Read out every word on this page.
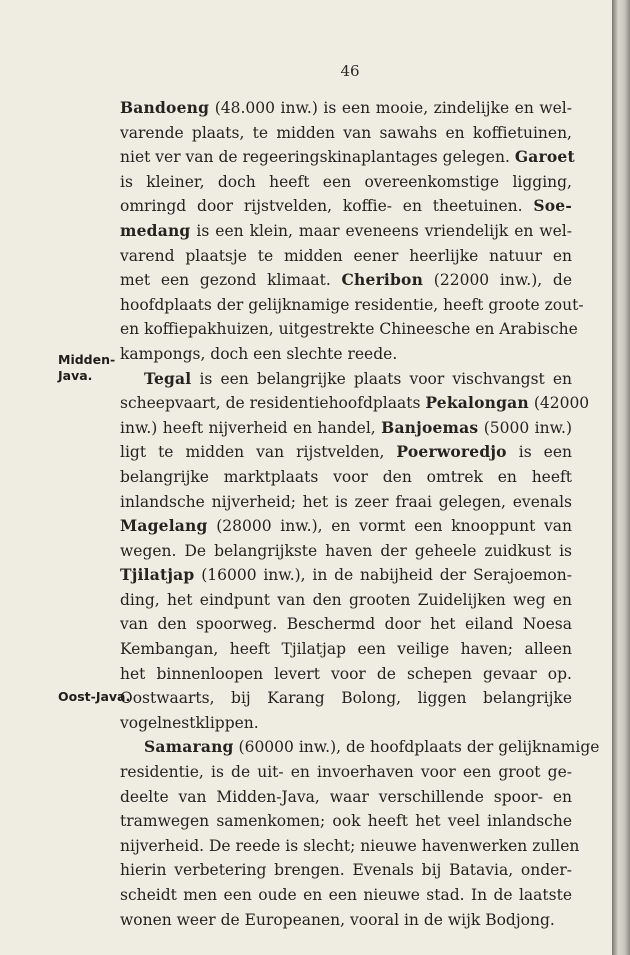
46
Midden-
Java.
Oost-Java.
Bandoeng (48.000 inw.) is een mooie, zindelijke en wel-
varende plaats, te midden van sawahs en koffietuinen,
niet ver van de regeeringskinaplantages gelegen. Garoet
is kleiner, doch heeft een overeenkomstige ligging,
omringd door rijstvelden, koffie- en theetuinen. Soe-
medang is een klein, maar eveneens vriendelijk en wel-
varend plaatsje te midden eener heerlijke natuur en
met een gezond klimaat. Cheribon (22000 inw.), de
hoofdplaats der gelijknamige residentie, heeft groote zout-
en koffiepakhuizen, uitgestrekte Chineesche en Arabische
kampongs, doch een slechte reede.
Tegal is een belangrijke plaats voor vischvangst en
scheepvaart, de residentiehoofdplaats Pekalongan (42000
inw.) heeft nijverheid en handel, Banjoemas (5000 inw.)
ligt te midden van rijstvelden, Poerworedjo is een
belangrijke marktplaats voor den omtrek en heeft
inlandsche nijverheid; het is zeer fraai gelegen, evenals
Magelang (28000 inw.), en vormt een knooppunt van
wegen. De belangrijkste haven der geheele zuidkust is
Tjilatjap (16000 inw.), in de nabijheid der Serajoemon-
ding, het eindpunt van den grooten Zuidelijken weg en
van den spoorweg. Beschermd door het eiland Noesa
Kembangan, heeft Tjilatjap een veilige haven; alleen
het binnenloopen levert voor de schepen gevaar op.
Oostwaarts, bij Karang Bolong, liggen belangrijke
vogelnestklippen.
Samarang (60000 inw.), de hoofdplaats der gelijknamige
residentie, is de uit- en invoerhaven voor een groot ge-
deelte van Midden-Java, waar verschillende spoor- en
tramwegen samenkomen; ook heeft het veel inlandsche
nijverheid. De reede is slecht; nieuwe havenwerken zullen
hierin verbetering brengen. Evenals bij Batavia, onder-
scheidt men een oude en een nieuwe stad. In de laatste
wonen weer de Europeanen, vooral in de wijk Bodjong.
